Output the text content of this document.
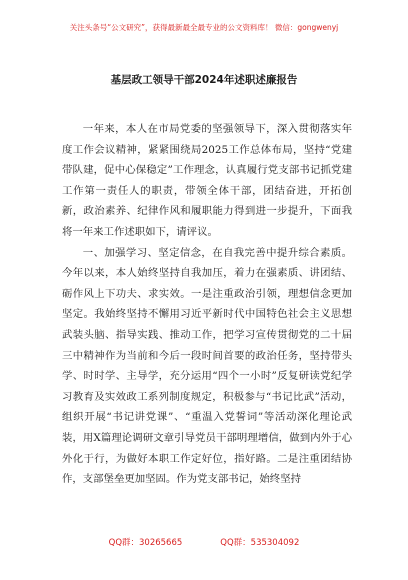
关注头条号“公文研究”，获得最新最全最专业的公文资料库！ 微信：gongwenyj
基层政工领导干部2024年述职述廉报告

一年来，本人在市局党委的坚强领导下，深入贯彻落实年度工作会议精神，紧紧围绕局2025工作总体布局，坚持“党建带队建，促中心保稳定”工作理念，认真履行党支部书记抓党建工作第一责任人的职责，带领全体干部，团结奋进，开拓创新，政治素养、纪律作风和履职能力得到进一步提升，下面我将一年来工作述职如下，请评议。

一、加强学习、坚定信念，在自我完善中提升综合素质。今年以来，本人始终坚持自我加压，着力在强素质、讲团结、砺作风上下功夫、求实效。一是注重政治引领，理想信念更加坚定。我始终坚持不懈用习近平新时代中国特色社会主义思想武装头脑、指导实践、推动工作，把学习宣传贯彻党的二十届三中精神作为当前和今后一段时间首要的政治任务，坚持带头学、时时学、主导学，充分运用“四个一小时”反复研读党纪学习教育及实效政工系列制度规定，积极参与“书记比武”活动，组织开展“书记讲党课”、“重温入党誓词”等活动深化理论武装，用X篇理论调研文章引导党员干部明理增信，做到内外于心外化于行，为做好本职工作定好位，指好路。二是注重团结协作，支部堡垒更加坚固。作为党支部书记，始终坚持

QQ群：30265665	QQ群：535304092
